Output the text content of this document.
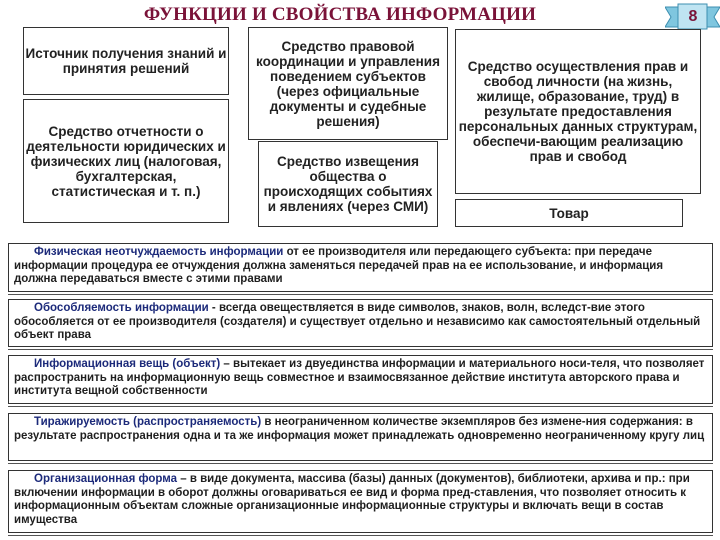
ФУНКЦИИ И СВОЙСТВА ИНФОРМАЦИИ	8
Источник получения знаний и принятия решений
Средство отчетности о деятельности юридических и физических лиц (налоговая, бухгалтерская, статистическая и т. п.)
Средство правовой координации и управления поведением субъектов (через официальные документы и судебные решения)
Средство извещения общества о происходящих событиях и явлениях (через СМИ)
Средство осуществления прав и свобод личности (на жизнь, жилище, образование, труд) в результате предоставления персональных данных структурам, обеспечи-вающим реализацию прав и свобод
Товар
Физическая неотчуждаемость информации от ее производителя или передающего субъекта: при передаче информации процедура ее отчуждения должна заменяться передачей прав на ее использование, и информация должна передаваться вместе с этими правами
Обособляемость информации - всегда овеществляется в виде символов, знаков, волн, вследст-вие этого обособляется от ее производителя (создателя) и существует отдельно и независимо как самостоятельный отдельный объект права
Информационная вещь (объект) – вытекает из двуединства информации и материального носи-теля, что позволяет распространить на информационную вещь совместное и взаимосвязанное действие института авторского права и института вещной собственности
Тиражируемость (распространяемость) в неограниченном количестве экземпляров без измене-ния содержания: в результате распространения одна и та же информация может принадлежать одновременно неограниченному кругу лиц
Организационная форма – в виде документа, массива (базы) данных (документов), библиотеки, архива и пр.: при включении информации в оборот должны оговариваться ее вид и форма пред-ставления, что позволяет относить к информационным объектам сложные организационные информационные структуры и включать вещи в состав имущества
